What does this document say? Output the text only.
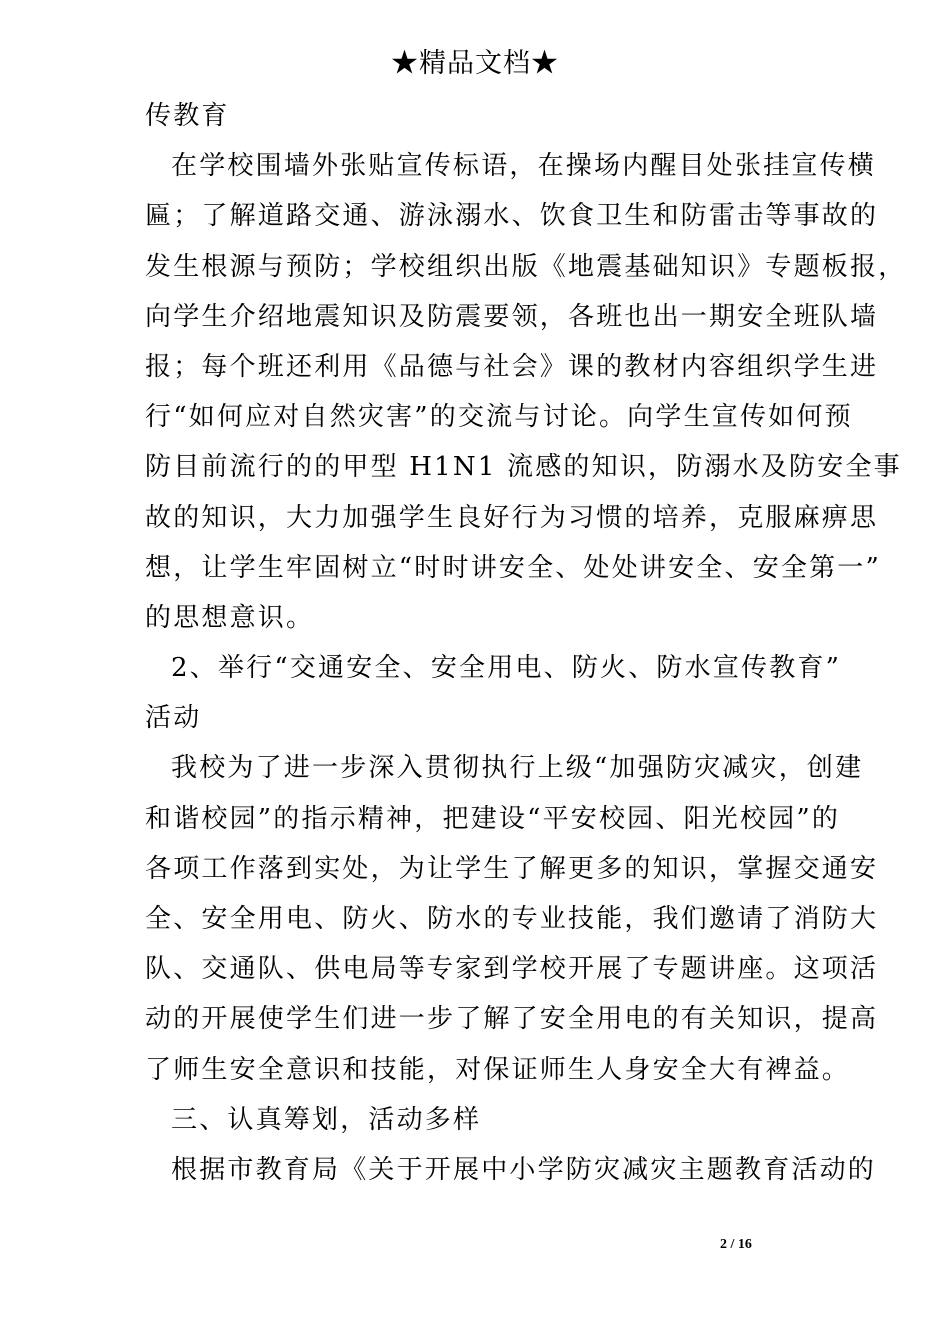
★精品文档★
传教育
在学校围墙外张贴宣传标语，在操场内醒目处张挂宣传横
匾；了解道路交通、游泳溺水、饮食卫生和防雷击等事故的
发生根源与预防；学校组织出版《地震基础知识》专题板报，
向学生介绍地震知识及防震要领，各班也出一期安全班队墙
报；每个班还利用《品德与社会》课的教材内容组织学生进
行“如何应对自然灾害”的交流与讨论。向学生宣传如何预
防目前流行的的甲型 H1N1 流感的知识，防溺水及防安全事
故的知识，大力加强学生良好行为习惯的培养，克服麻痹思
想，让学生牢固树立“时时讲安全、处处讲安全、安全第一”
的思想意识。
2、举行“交通安全、安全用电、防火、防水宣传教育”
活动
我校为了进一步深入贯彻执行上级“加强防灾减灾，创建
和谐校园”的指示精神，把建设“平安校园、阳光校园”的
各项工作落到实处，为让学生了解更多的知识，掌握交通安
全、安全用电、防火、防水的专业技能，我们邀请了消防大
队、交通队、供电局等专家到学校开展了专题讲座。这项活
动的开展使学生们进一步了解了安全用电的有关知识，提高
了师生安全意识和技能，对保证师生人身安全大有裨益。
三、认真筹划，活动多样
根据市教育局《关于开展中小学防灾减灾主题教育活动的
2 / 16
